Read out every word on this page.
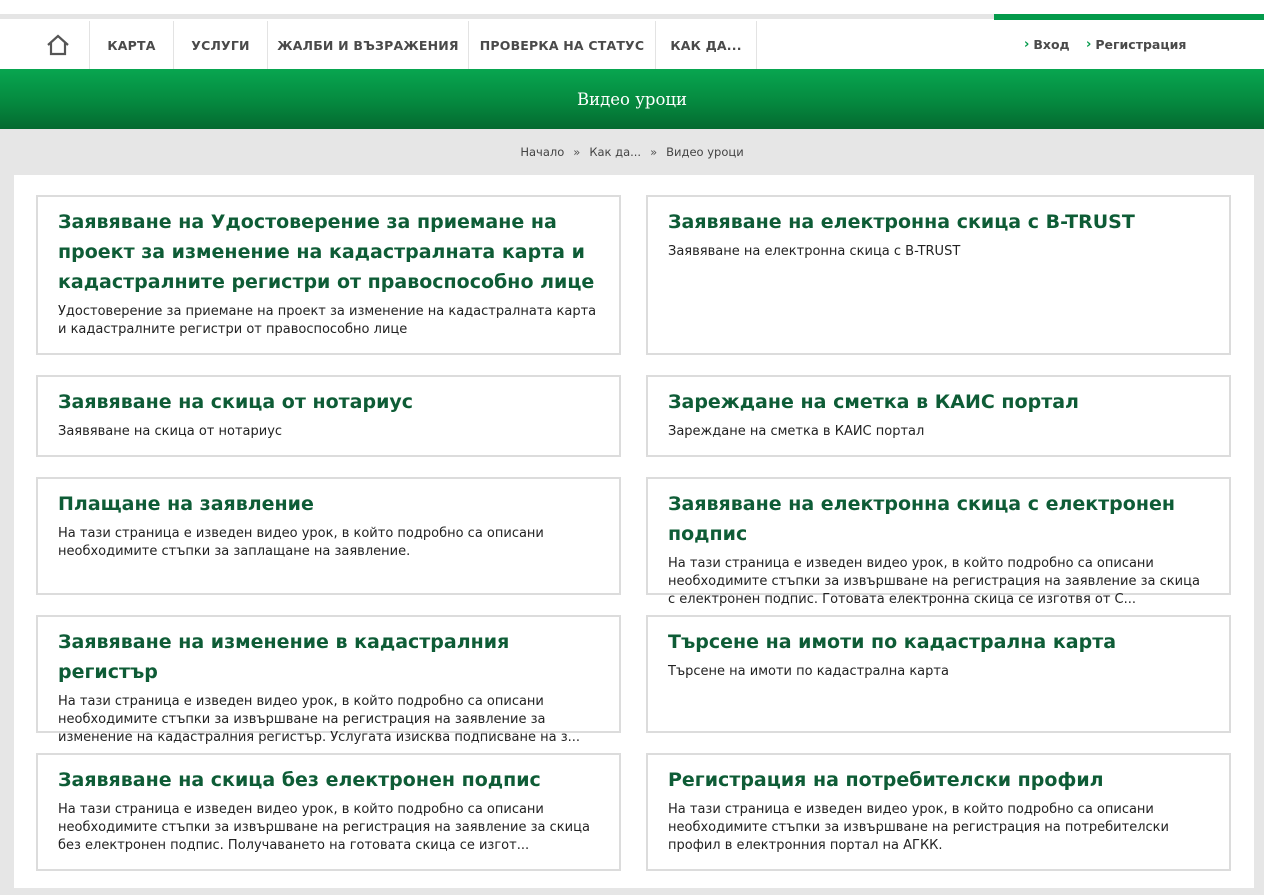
КАРТА	УСЛУГИ	ЖАЛБИ И ВЪЗРАЖЕНИЯ	ПРОВЕРКА НА СТАТУС	КАК ДА...	› Вход › Регистрация
Видео уроци
Начало » Как да... » Видео уроци
Заявяване на Удостоверение за приемане на проект за изменение на кадастралната карта и кадастралните регистри от правоспособно лице
Удостоверение за приемане на проект за изменение на кадастралната карта и кадастралните регистри от правоспособно лице
Заявяване на електронна скица с B-TRUST
Заявяване на електронна скица с B-TRUST
Заявяване на скица от нотариус
Заявяване на скица от нотариус
Зареждане на сметка в КАИС портал
Зареждане на сметка в КАИС портал
Плащане на заявление
На тази страница е изведен видео урок, в който подробно са описани необходимите стъпки за заплащане на заявление.
Заявяване на електронна скица с електронен подпис
На тази страница е изведен видео урок, в който подробно са описани необходимите стъпки за извършване на регистрация на заявление за скица с електронен подпис. Готовата електронна скица се изготвя от С...
Заявяване на изменение в кадастралния регистър
На тази страница е изведен видео урок, в който подробно са описани необходимите стъпки за извършване на регистрация на заявление за изменение на кадастралния регистър. Услугата изисква подписване на з...
Търсене на имоти по кадастрална карта
Търсене на имоти по кадастрална карта
Заявяване на скица без електронен подпис
На тази страница е изведен видео урок, в който подробно са описани необходимите стъпки за извършване на регистрация на заявление за скица без електронен подпис. Получаването на готовата скица се изгот...
Регистрация на потребителски профил
На тази страница е изведен видео урок, в който подробно са описани необходимите стъпки за извършване на регистрация на потребителски профил в електронния портал на АГКК.
